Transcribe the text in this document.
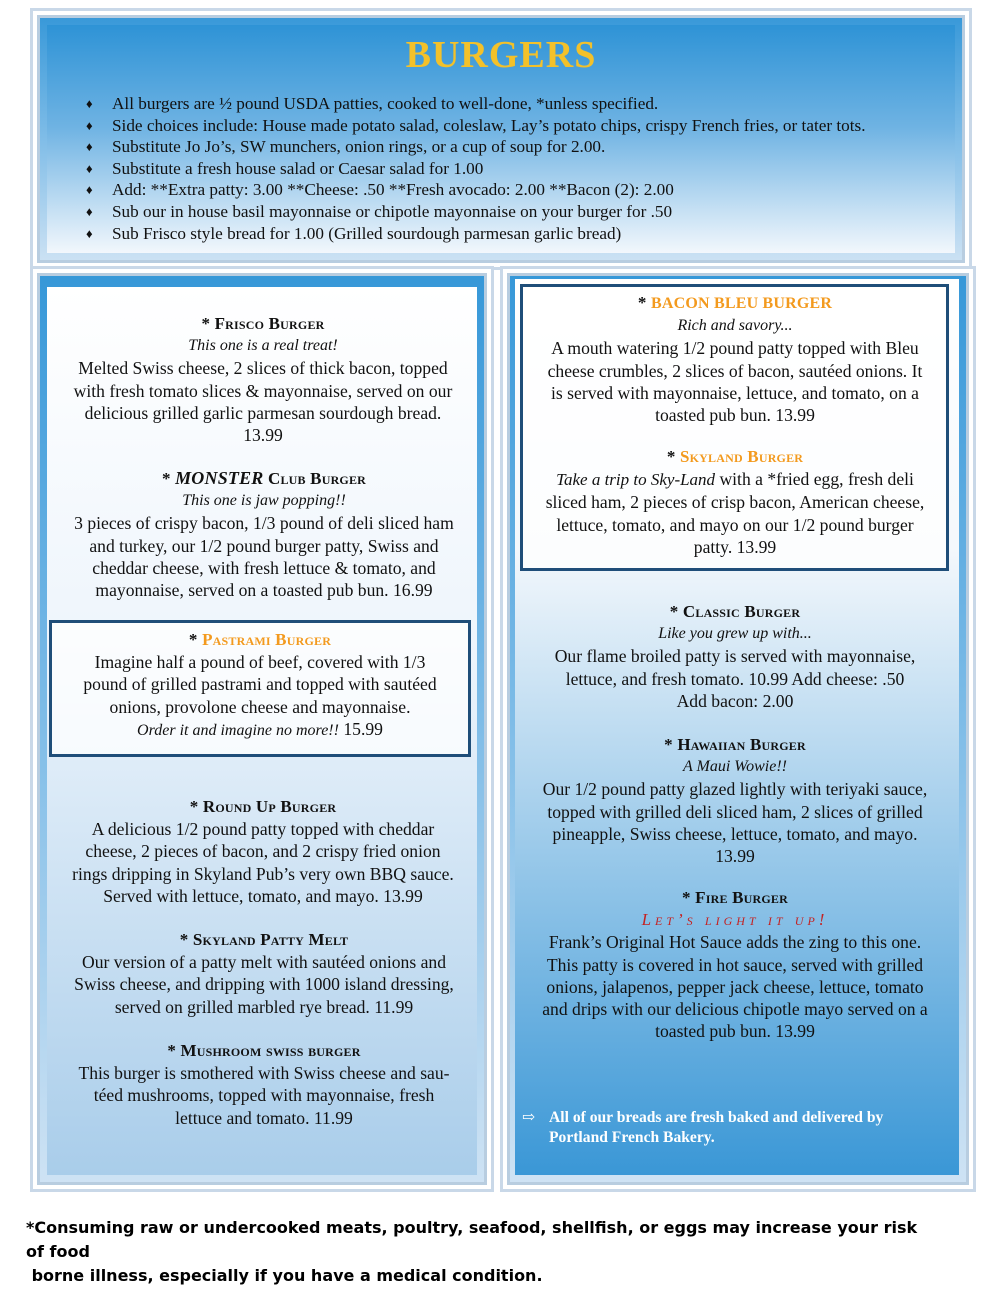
BURGERS
♦ All burgers are ½ pound USDA patties, cooked to well-done, *unless specified.
♦ Side choices include: House made potato salad, coleslaw, Lay’s potato chips, crispy French fries, or tater tots.
♦ Substitute Jo Jo’s, SW munchers, onion rings, or a cup of soup for 2.00.
♦ Substitute a fresh house salad or Caesar salad for 1.00
♦ Add: **Extra patty: 3.00 **Cheese: .50 **Fresh avocado: 2.00 **Bacon (2): 2.00
♦ Sub our in house basil mayonnaise or chipotle mayonnaise on your burger for .50
♦ Sub Frisco style bread for 1.00 (Grilled sourdough parmesan garlic bread)
* Frisco Burger
This one is a real treat!
Melted Swiss cheese, 2 slices of thick bacon, topped
with fresh tomato slices & mayonnaise, served on our
delicious grilled garlic parmesan sourdough bread.
13.99
* MONSTER Club Burger
This one is jaw popping!!
3 pieces of crispy bacon, 1/3 pound of deli sliced ham
and turkey, our 1/2 pound burger patty, Swiss and
cheddar cheese, with fresh lettuce & tomato, and
mayonnaise, served on a toasted pub bun. 16.99
* Pastrami Burger
Imagine half a pound of beef, covered with 1/3
pound of grilled pastrami and topped with sautéed
onions, provolone cheese and mayonnaise.
Order it and imagine no more!! 15.99
* Round Up Burger
A delicious 1/2 pound patty topped with cheddar
cheese, 2 pieces of bacon, and 2 crispy fried onion
rings dripping in Skyland Pub’s very own BBQ sauce.
Served with lettuce, tomato, and mayo. 13.99
* Skyland Patty Melt
Our version of a patty melt with sautéed onions and
Swiss cheese, and dripping with 1000 island dressing,
served on grilled marbled rye bread. 11.99
* Mushroom swiss burger
This burger is smothered with Swiss cheese and sau-
téed mushrooms, topped with mayonnaise, fresh
lettuce and tomato. 11.99
* BACON BLEU BURGER
Rich and savory...
A mouth watering 1/2 pound patty topped with Bleu
cheese crumbles, 2 slices of bacon, sautéed onions. It
is served with mayonnaise, lettuce, and tomato, on a
toasted pub bun. 13.99
* Skyland Burger
Take a trip to Sky-Land with a *fried egg, fresh deli
sliced ham, 2 pieces of crisp bacon, American cheese,
lettuce, tomato, and mayo on our 1/2 pound burger
patty. 13.99
* Classic Burger
Like you grew up with...
Our flame broiled patty is served with mayonnaise,
lettuce, and fresh tomato. 10.99 Add cheese: .50
Add bacon: 2.00
* Hawaiian Burger
A Maui Wowie!!
Our 1/2 pound patty glazed lightly with teriyaki sauce,
topped with grilled deli sliced ham, 2 slices of grilled
pineapple, Swiss cheese, lettuce, tomato, and mayo.
13.99
* Fire Burger
Let’s light it up!
Frank’s Original Hot Sauce adds the zing to this one.
This patty is covered in hot sauce, served with grilled
onions, jalapenos, pepper jack cheese, lettuce, tomato
and drips with our delicious chipotle mayo served on a
toasted pub bun. 13.99
⇨ All of our breads are fresh baked and delivered by
Portland French Bakery.
*Consuming raw or undercooked meats, poultry, seafood, shellfish, or eggs may increase your risk of food
borne illness, especially if you have a medical condition.
